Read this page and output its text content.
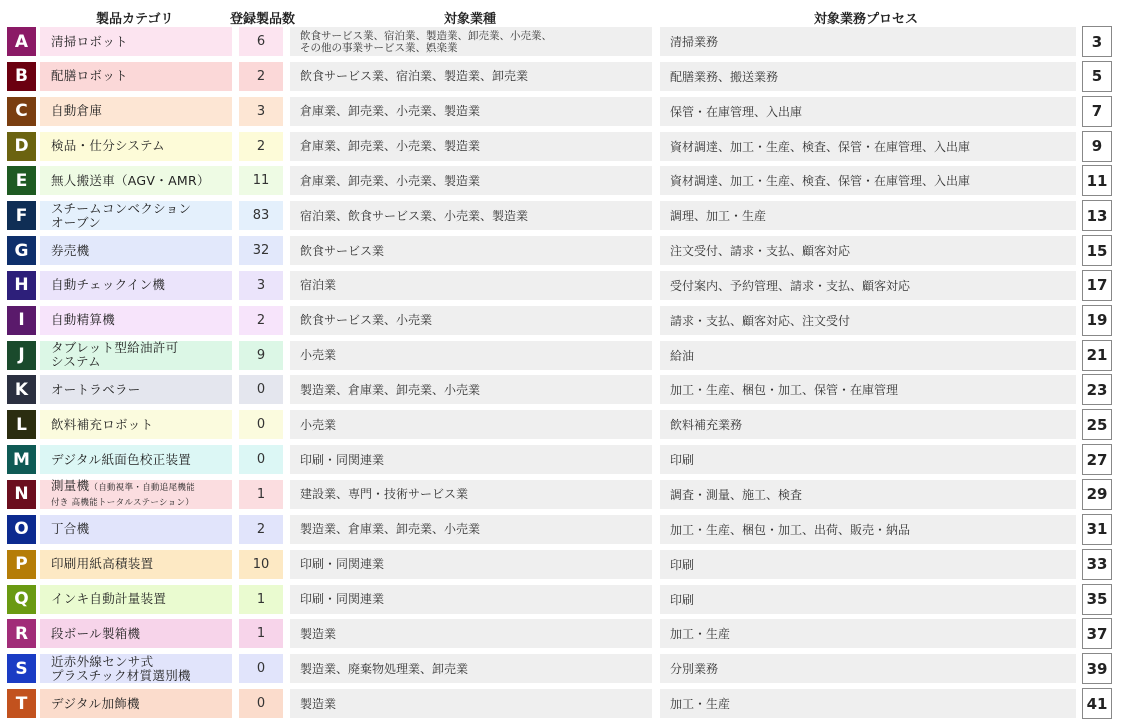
製品カテゴリ	登録製品数	対象業種	対象業務プロセス
A	清掃ロボット	6	飲食サービス業、宿泊業、製造業、卸売業、小売業、
その他の事業サービス業、娯楽業	清掃業務	3
B	配膳ロボット	2	飲食サービス業、宿泊業、製造業、卸売業	配膳業務、搬送業務	5
C	自動倉庫	3	倉庫業、卸売業、小売業、製造業	保管・在庫管理、入出庫	7
D	検品・仕分システム	2	倉庫業、卸売業、小売業、製造業	資材調達、加工・生産、検査、保管・在庫管理、入出庫	9
E	無人搬送車（AGV・AMR）	11	倉庫業、卸売業、小売業、製造業	資材調達、加工・生産、検査、保管・在庫管理、入出庫	11
F	スチームコンベクション
オーブン	83	宿泊業、飲食サービス業、小売業、製造業	調理、加工・生産	13
G	券売機	32	飲食サービス業	注文受付、請求・支払、顧客対応	15
H	自動チェックイン機	3	宿泊業	受付案内、予約管理、請求・支払、顧客対応	17
I	自動精算機	2	飲食サービス業、小売業	請求・支払、顧客対応、注文受付	19
J	タブレット型給油許可
システム	9	小売業	給油	21
K	オートラベラー	0	製造業、倉庫業、卸売業、小売業	加工・生産、梱包・加工、保管・在庫管理	23
L	飲料補充ロボット	0	小売業	飲料補充業務	25
M	デジタル紙面色校正装置	0	印刷・同関連業	印刷	27
N	測量機（自動視準・自動追尾機能
付き 高機能トータルステーション）
1	建設業、専門・技術サービス業	調査・測量、施工、検査	29
O	丁合機	2	製造業、倉庫業、卸売業、小売業	加工・生産、梱包・加工、出荷、販売・納品	31
P	印刷用紙高積装置	10	印刷・同関連業	印刷	33
Q	インキ自動計量装置	1	印刷・同関連業	印刷	35
R	段ボール製箱機	1	製造業	加工・生産	37
S	近赤外線センサ式
プラスチック材質選別機	0	製造業、廃棄物処理業、卸売業	分別業務	39
T	デジタル加飾機	0	製造業	加工・生産	41
